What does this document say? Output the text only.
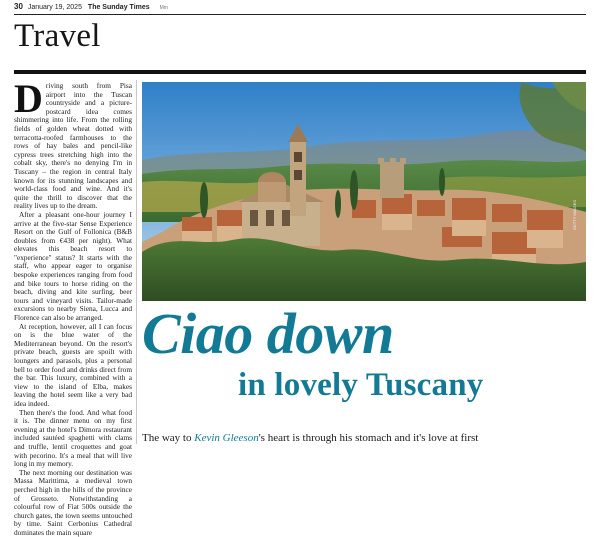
30 January 19, 2025 The Sunday Times Mm
Travel

Driving south from Pisa airport into the Tuscan countryside and a picture-postcard idea comes shimmering into life. From the rolling fields of golden wheat dotted with terracotta-roofed farmhouses to the rows of hay bales and pencil-like cypress trees stretching high into the cobalt sky, there's no denying I'm in Tuscany – the region in central Italy known for its stunning landscapes and world-class food and wine. And it's quite the thrill to discover that the reality lives up to the dream.

After a pleasant one-hour journey I arrive at the five-star Sense Experience Resort on the Gulf of Follonica (B&B doubles from €438 per night). What elevates this beach resort to "experience" status? It starts with the staff, who appear eager to organise bespoke experiences ranging from food and bike tours to horse riding on the beach, diving and kite surfing, beer tours and vineyard visits. Tailor-made excursions to nearby Siena, Lucca and Florence can also be arranged.

At reception, however, all I can focus on is the blue water of the Mediterranean beyond. On the resort's private beach, guests are spoilt with loungers and parasols, plus a personal bell to order food and drinks direct from the bar. This luxury, combined with a view to the island of Elba, makes leaving the hotel seem like a very bad idea indeed.

Then there's the food. And what food it is. The dinner menu on my first evening at the hotel's Dimora restaurant included sautéed spaghetti with clams and truffle, lentil croquettes and goat with pecorino. It's a meal that will live long in my memory.

The next morning our destination was Massa Marittima, a medieval town perched high in the hills of the province of Grosseto. Notwithstanding a colourful row of Fiat 500s outside the church gates, the town seems untouched by time. Saint Cerbonius Cathedral dominates the main square

GETTY IMAGES
Ciao down
in lovely Tuscany
The way to Kevin Gleeson's heart is through his stomach and it's love at first
